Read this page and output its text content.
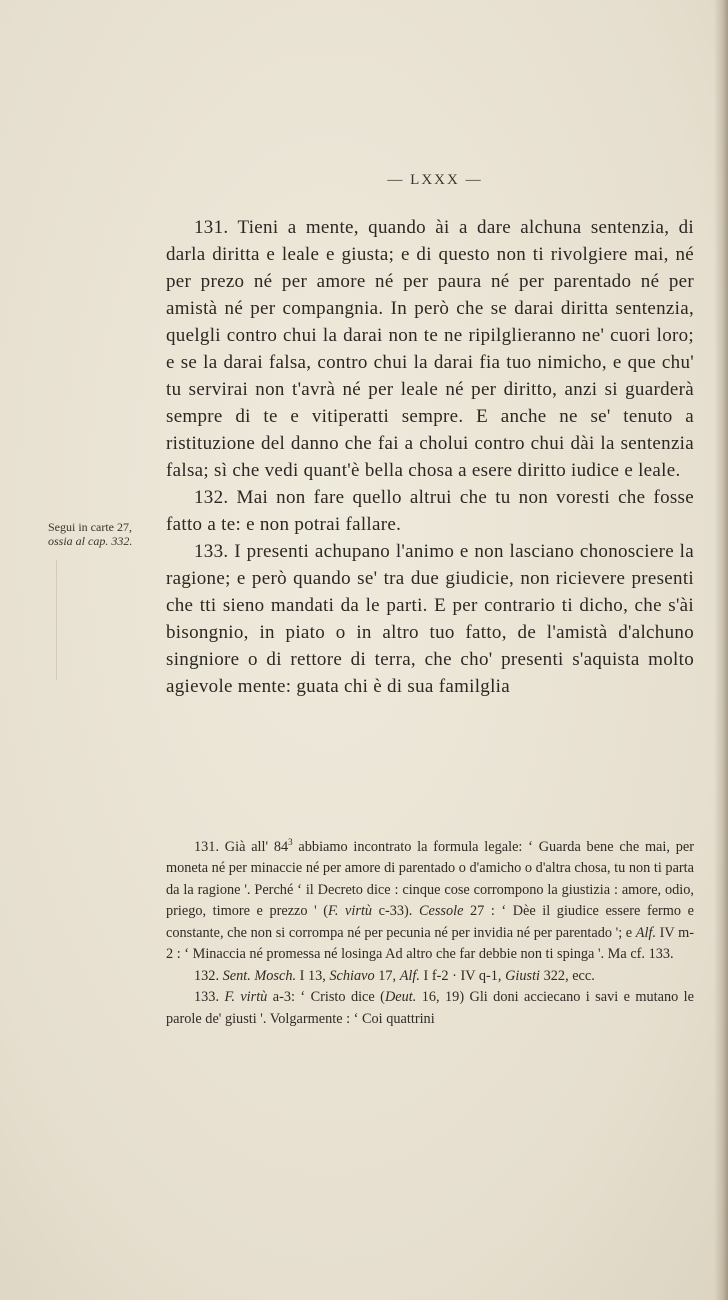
— LXXX —
Segui in carte 27,
ossia al cap. 332.

131. Tieni a mente, quando ài a dare alchuna sentenzia, di darla diritta e leale e giusta; e di questo non ti rivolgiere mai, né per prezo né per amore né per paura né per parentado né per amistà né per compangnia. In però che se darai diritta sentenzia, quelgli contro chui la darai non te ne ripilglieranno ne' cuori loro; e se la darai falsa, contro chui la darai fia tuo nimicho, e que chu' tu servirai non t'avrà né per leale né per diritto, anzi si guarderà sempre di te e vitiperatti sempre. E anche ne se' tenuto a ristituzione del danno che fai a cholui contro chui dài la sentenzia falsa; sì che vedi quant'è bella chosa a esere diritto iudice e leale.

132. Mai non fare quello altrui che tu non voresti che fosse fatto a te: e non potrai fallare.

133. I presenti achupano l'animo e non lasciano chonosciere la ragione; e però quando se' tra due giudicie, non ricievere presenti che tti sieno mandati da le parti. E per contrario ti dicho, che s'ài bisongnio, in piato o in altro tuo fatto, de l'amistà d'alchuno singniore o di rettore di terra, che cho' presenti s'aquista molto agievole mente: guata chi è di sua familglia

131. Già all' $84^3$ abbiamo incontrato la formula legale: ‘ Guarda bene che mai, per moneta né per minaccie né per amore di parentado o d'amicho o d'altra chosa, tu non ti parta da la ragione '. Perché ‘ il Decreto dice : cinque cose corrompono la giustizia : amore, odio, priego, timore e prezzo ' (F. virtù c-33). Cessole 27 : ‘ Dèe il giudice essere fermo e constante, che non si corrompa né per pecunia né per invidia né per parentado '; e Alf. IV m-2 : ‘ Minaccia né promessa né losinga Ad altro che far debbie non ti spinga '. Ma cf. 133.

132. Sent. Mosch. I 13, Schiavo 17, Alf. I f-2 · IV q-1, Giusti 322, ecc.

133. F. virtù a-3: ‘ Cristo dice (Deut. 16, 19) Gli doni acciecano i savi e mutano le parole de' giusti '. Volgarmente : ‘ Coi quattrini
